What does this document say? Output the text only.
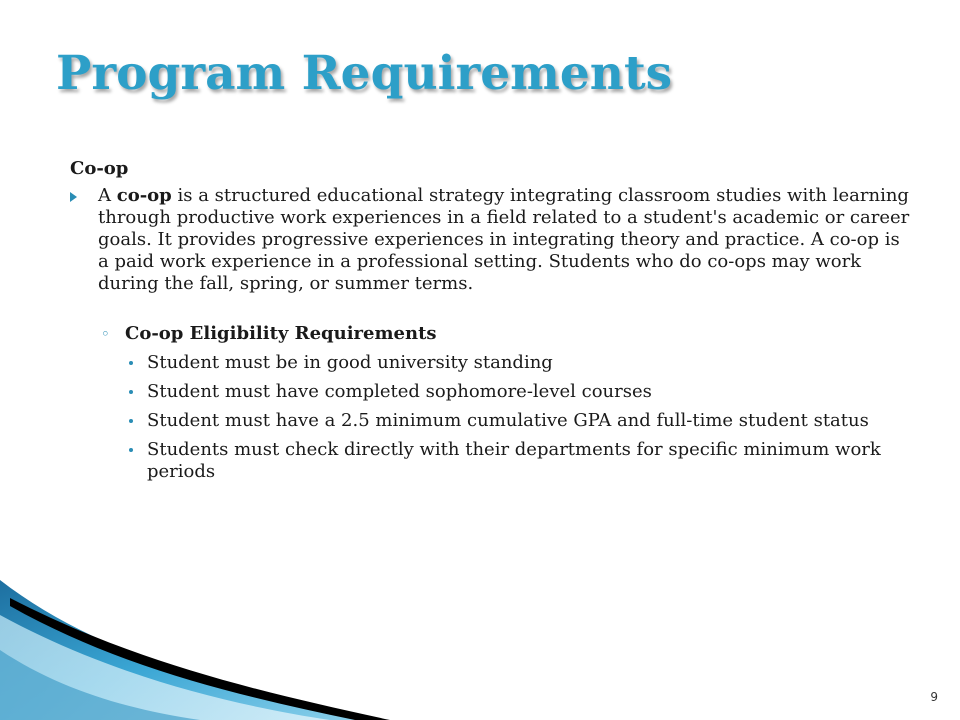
Program Requirements
Co-op
A co-op is a structured educational strategy integrating classroom studies with learning through productive work experiences in a field related to a student's academic or career goals. It provides progressive experiences in integrating theory and practice. A co-op is a paid work experience in a professional setting. Students who do co-ops may work during the fall, spring, or summer terms.
◦ Co-op Eligibility Requirements
Student must be in good university standing
Student must have completed sophomore-level courses
Student must have a 2.5 minimum cumulative GPA and full-time student status
Students must check directly with their departments for specific minimum work periods
9
